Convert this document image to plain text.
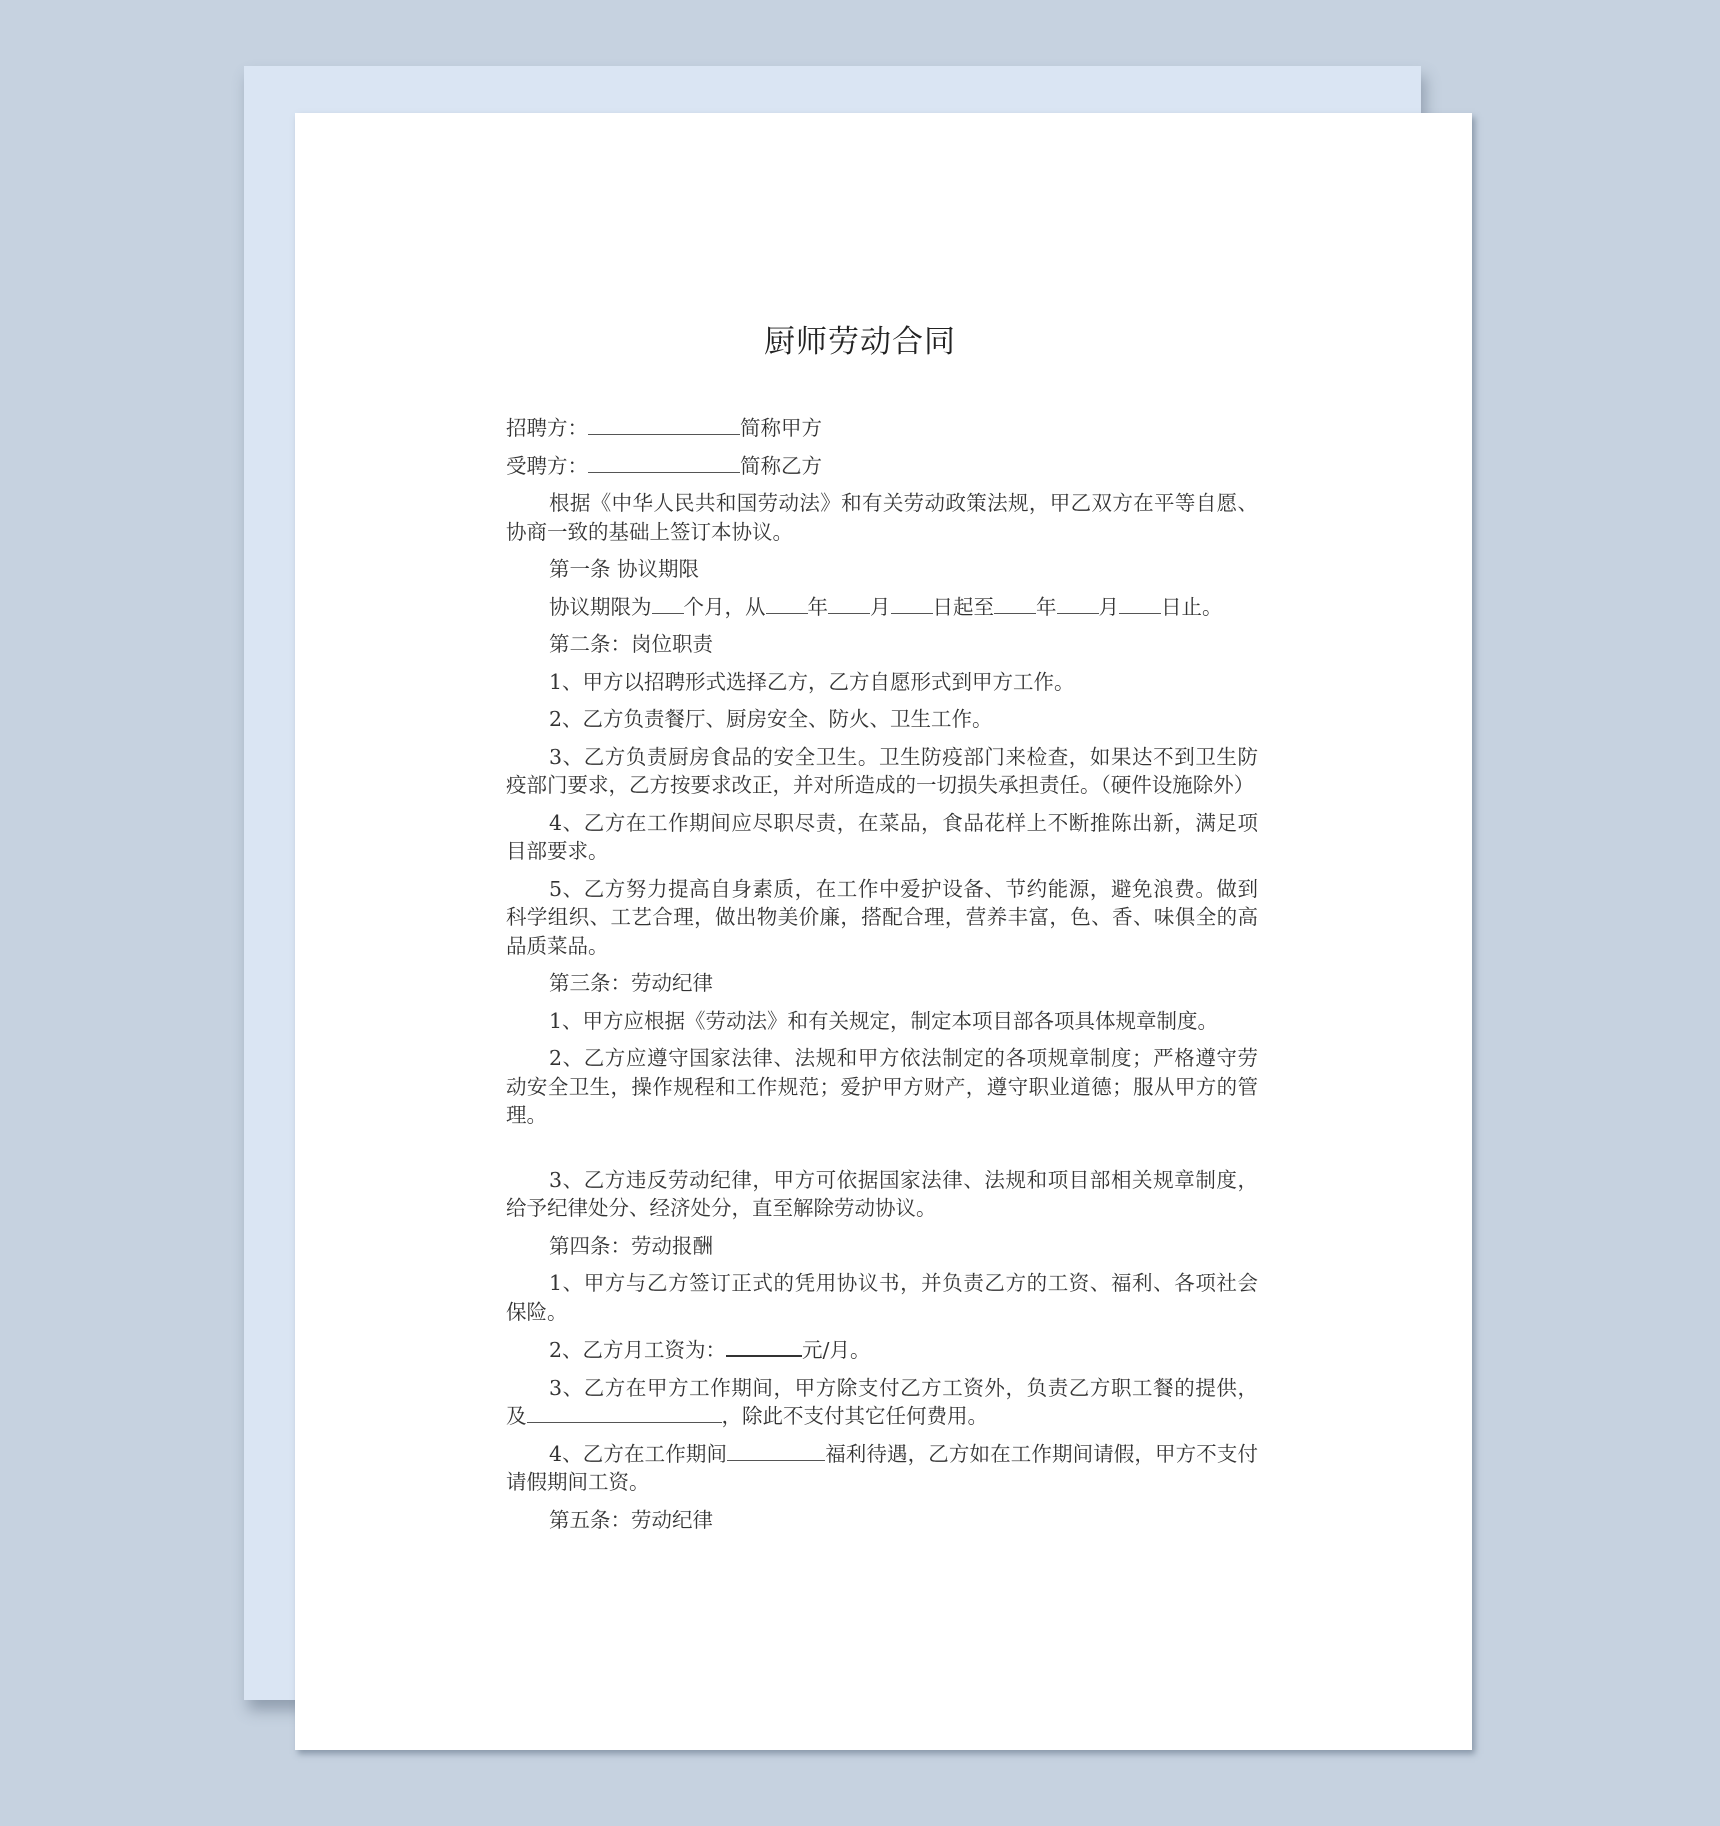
厨师劳动合同

招聘方：	简称甲方

受聘方：	简称乙方

根据《中华人民共和国劳动法》和有关劳动政策法规，甲乙双方在平等自愿、协商一致的基础上签订本协议。

第一条 协议期限

协议期限为 个月，从 年 月 日起至 年 月 日止。

第二条：岗位职责

1、甲方以招聘形式选择乙方，乙方自愿形式到甲方工作。

2、乙方负责餐厅、厨房安全、防火、卫生工作。

3、乙方负责厨房食品的安全卫生。卫生防疫部门来检查，如果达不到卫生防疫部门要求，乙方按要求改正，并对所造成的一切损失承担责任。（硬件设施除外）

4、乙方在工作期间应尽职尽责，在菜品，食品花样上不断推陈出新，满足项目部要求。

5、乙方努力提高自身素质，在工作中爱护设备、节约能源，避免浪费。做到科学组织、工艺合理，做出物美价廉，搭配合理，营养丰富，色、香、味俱全的高品质菜品。

第三条：劳动纪律

1、甲方应根据《劳动法》和有关规定，制定本项目部各项具体规章制度。

2、乙方应遵守国家法律、法规和甲方依法制定的各项规章制度；严格遵守劳动安全卫生，操作规程和工作规范；爱护甲方财产，遵守职业道德；服从甲方的管理。

3、乙方违反劳动纪律，甲方可依据国家法律、法规和项目部相关规章制度，给予纪律处分、经济处分，直至解除劳动协议。

第四条：劳动报酬

1、甲方与乙方签订正式的凭用协议书，并负责乙方的工资、福利、各项社会保险。

2、乙方月工资为：	元/月。

3、乙方在甲方工作期间，甲方除支付乙方工资外，负责乙方职工餐的提供，及	，除此不支付其它任何费用。

4、乙方在工作期间	福利待遇，乙方如在工作期间请假，甲方不支付请假期间工资。

第五条：劳动纪律
